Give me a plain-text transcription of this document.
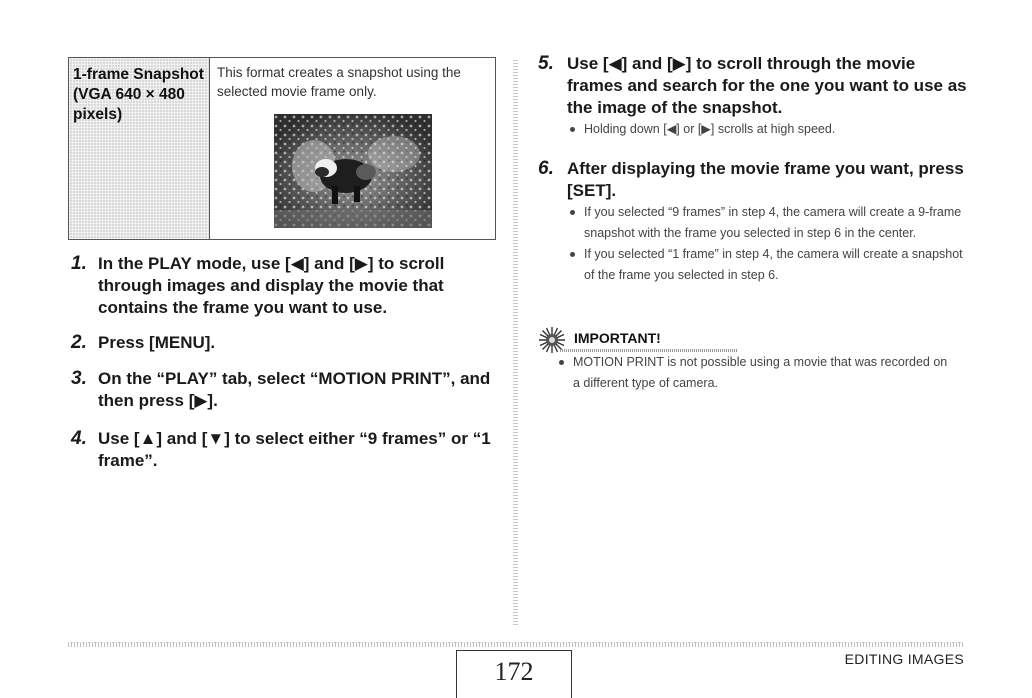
1-frame Snapshot (VGA 640 × 480 pixels)
This format creates a snapshot using the selected movie frame only.
1. In the PLAY mode, use [◀] and [▶] to scroll through images and display the movie that contains the frame you want to use.
2. Press [MENU].
3. On the “PLAY” tab, select “MOTION PRINT”, and then press [▶].
4. Use [▲] and [▼] to select either “9 frames” or “1 frame”.
5. Use [◀] and [▶] to scroll through the movie frames and search for the one you want to use as the image of the snapshot.
Holding down [◀] or [▶] scrolls at high speed.
6. After displaying the movie frame you want, press [SET].
If you selected “9 frames” in step 4, the camera will create a 9-frame snapshot with the frame you selected in step 6 in the center.
If you selected “1 frame” in step 4, the camera will create a snapshot of the frame you selected in step 6.
IMPORTANT!
MOTION PRINT is not possible using a movie that was recorded on a different type of camera.
172	EDITING IMAGES
